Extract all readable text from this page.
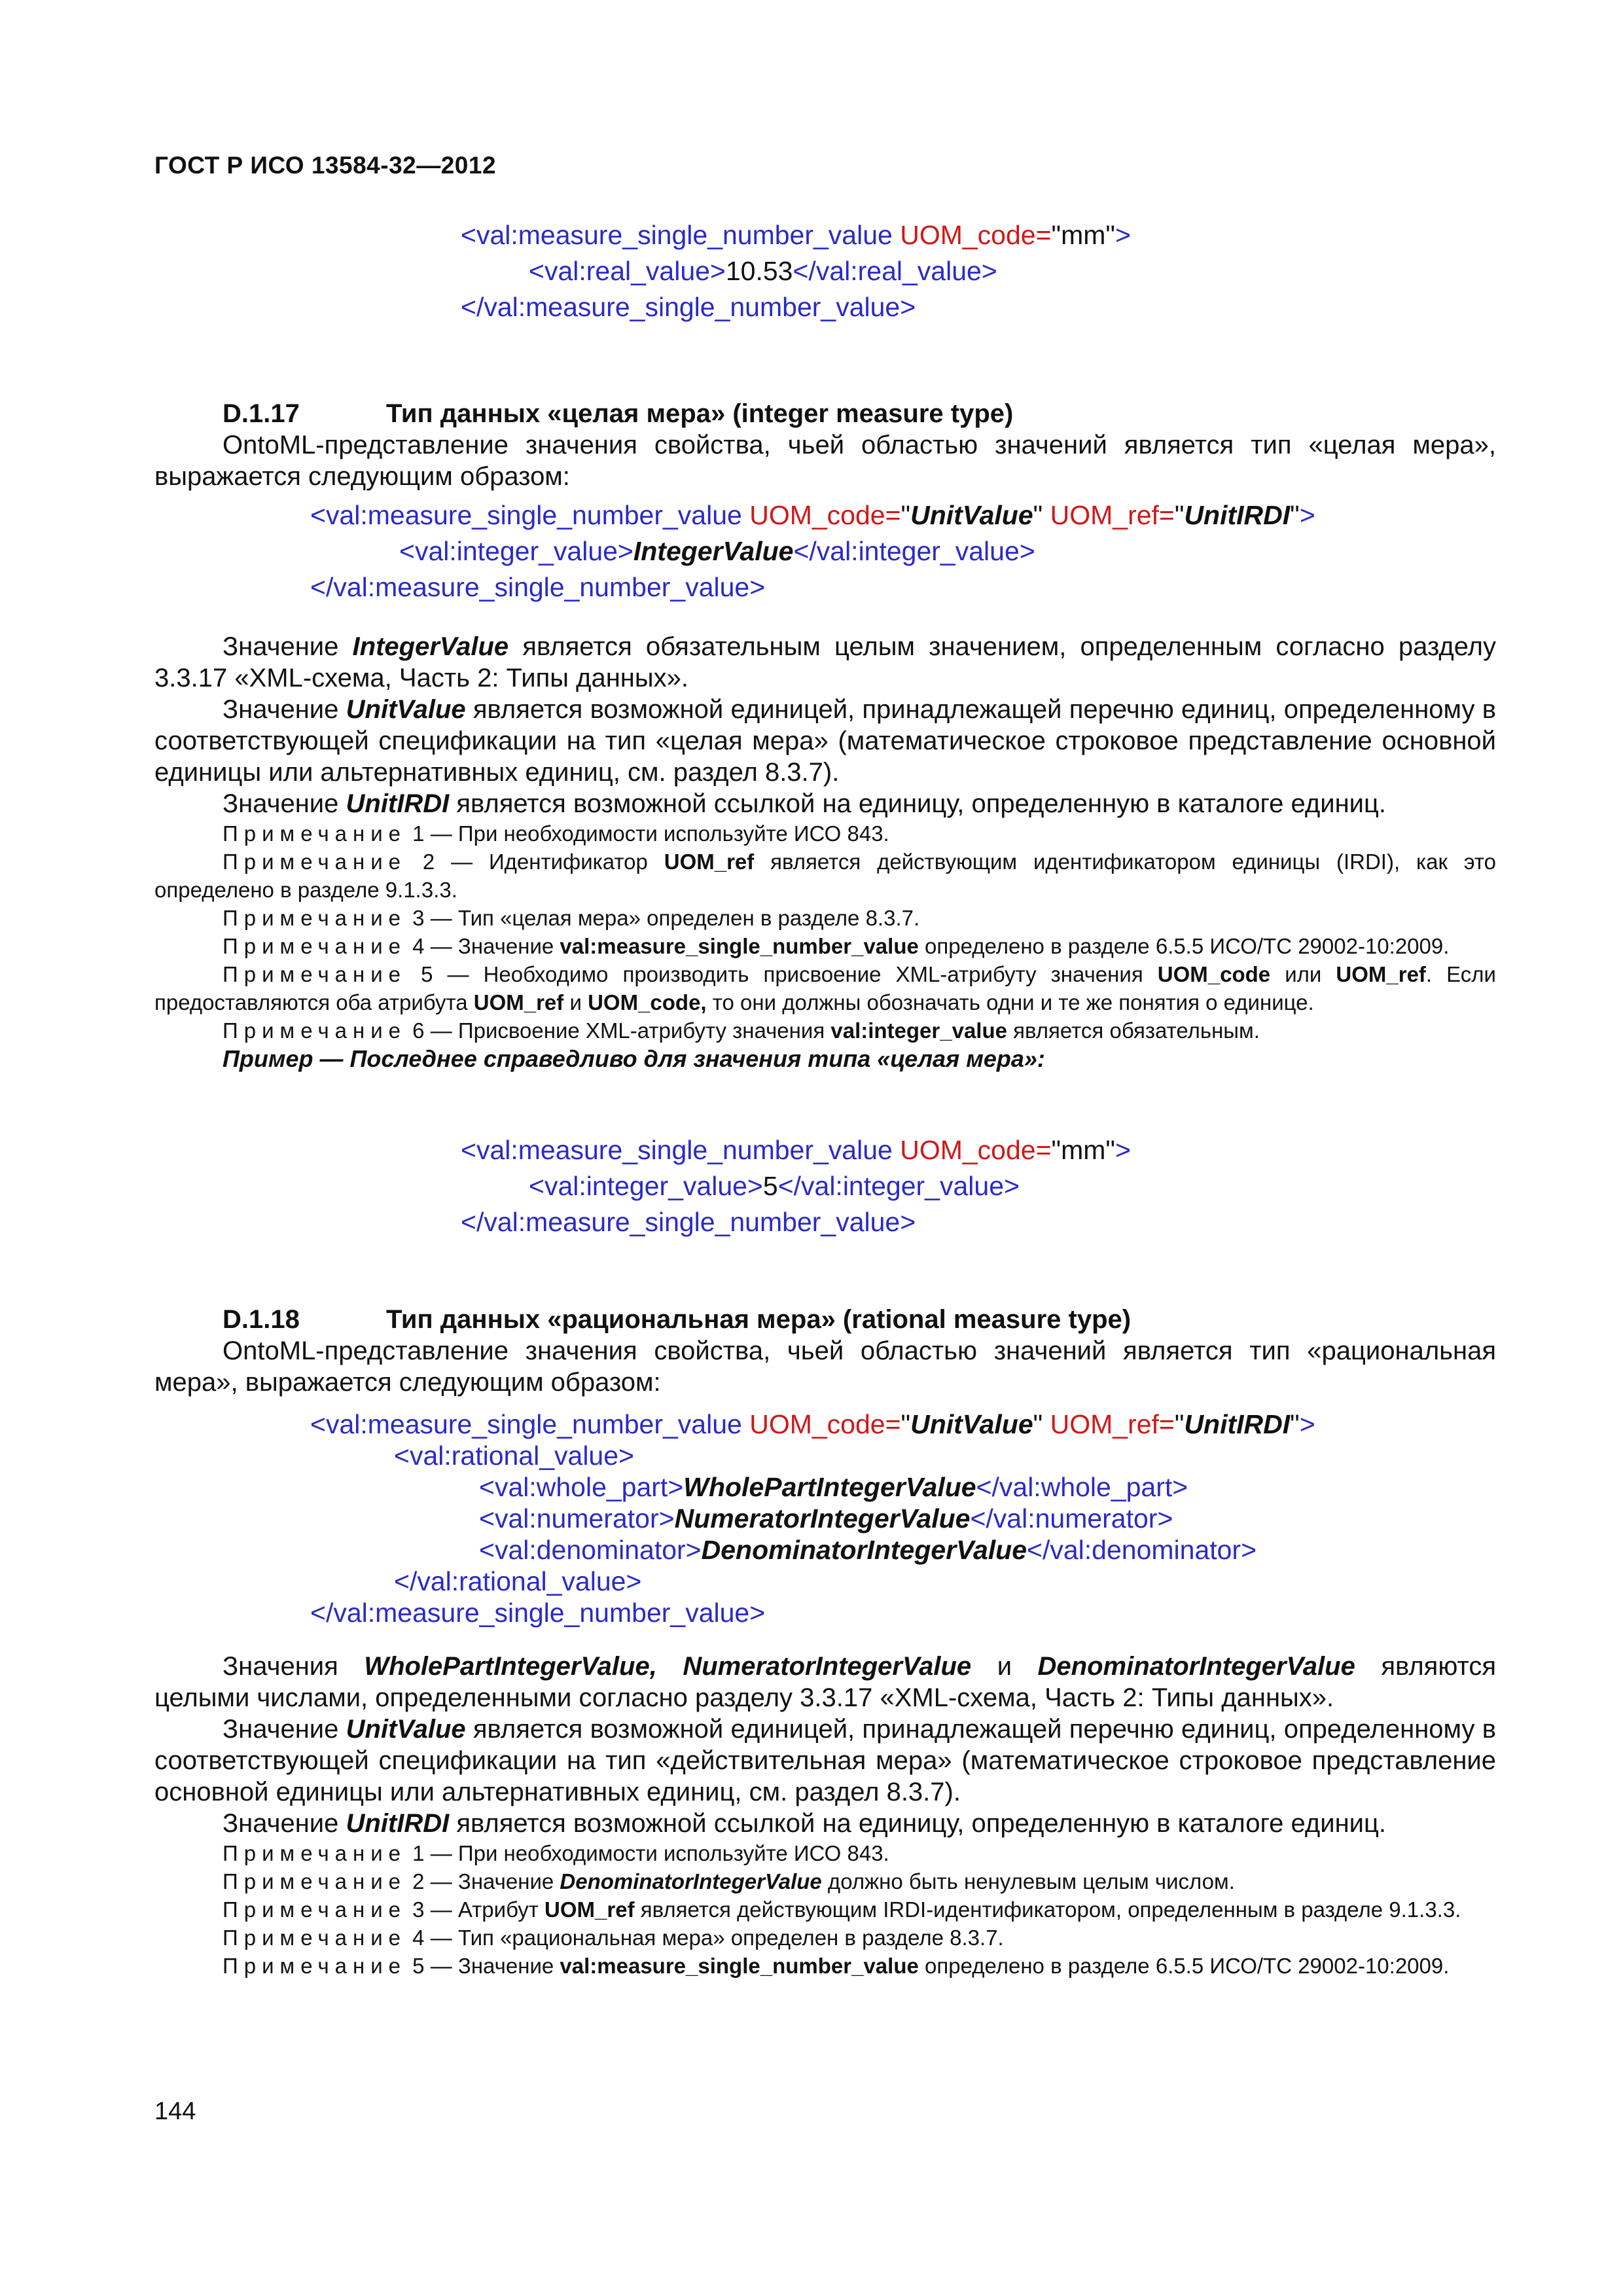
ГОСТ Р ИСО 13584-32—2012
<val:measure_single_number_value UOM_code="mm">
<val:real_value>10.53</val:real_value>
</val:measure_single_number_value>
D.1.17	Тип данных «целая мера» (integer measure type)

OntoML-представление значения свойства, чьей областью значений является тип «целая мера», выражается следующим образом:

<val:measure_single_number_value UOM_code="UnitValue" UOM_ref="UnitIRDI">
<val:integer_value>IntegerValue</val:integer_value>
</val:measure_single_number_value>

Значение IntegerValue является обязательным целым значением, определенным согласно разделу 3.3.17 «XML-схема, Часть 2: Типы данных».

Значение UnitValue является возможной единицей, принадлежащей перечню единиц, определенному в соответствующей спецификации на тип «целая мера» (математическое строковое представление основной единицы или альтернативных единиц, см. раздел 8.3.7).

Значение UnitIRDI является возможной ссылкой на единицу, определенную в каталоге единиц.

Примечание 1 — При необходимости используйте ИСО 843.

Примечание 2 — Идентификатор UOM_ref является действующим идентификатором единицы (IRDI), как это определено в разделе 9.1.3.3.

Примечание 3 — Тип «целая мера» определен в разделе 8.3.7.

Примечание 4 — Значение val:measure_single_number_value определено в разделе 6.5.5 ИСО/ТС 29002-10:2009.

Примечание 5 — Необходимо производить присвоение XML-атрибуту значения UOM_code или UOM_ref. Если предоставляются оба атрибута UOM_ref и UOM_code, то они должны обозначать одни и те же понятия о единице.

Примечание 6 — Присвоение XML-атрибуту значения val:integer_value является обязательным.

Пример — Последнее справедливо для значения типа «целая мера»:
<val:measure_single_number_value UOM_code="mm">
<val:integer_value>5</val:integer_value>
</val:measure_single_number_value>
D.1.18	Тип данных «рациональная мера» (rational measure type)

OntoML-представление значения свойства, чьей областью значений является тип «рациональная мера», выражается следующим образом:

<val:measure_single_number_value UOM_code="UnitValue" UOM_ref="UnitIRDI">
<val:rational_value>
<val:whole_part>WholePartIntegerValue</val:whole_part>
<val:numerator>NumeratorIntegerValue</val:numerator>
<val:denominator>DenominatorIntegerValue</val:denominator>
</val:rational_value>
</val:measure_single_number_value>

Значения WholePartIntegerValue, NumeratorIntegerValue и DenominatorIntegerValue являются целыми числами, определенными согласно разделу 3.3.17 «XML-схема, Часть 2: Типы данных».

Значение UnitValue является возможной единицей, принадлежащей перечню единиц, определенному в соответствующей спецификации на тип «действительная мера» (математическое строковое представление основной единицы или альтернативных единиц, см. раздел 8.3.7).

Значение UnitIRDI является возможной ссылкой на единицу, определенную в каталоге единиц.

Примечание 1 — При необходимости используйте ИСО 843.

Примечание 2 — Значение DenominatorIntegerValue должно быть ненулевым целым числом.

Примечание 3 — Атрибут UOM_ref является действующим IRDI-идентификатором, определенным в разделе 9.1.3.3.

Примечание 4 — Тип «рациональная мера» определен в разделе 8.3.7.

Примечание 5 — Значение val:measure_single_number_value определено в разделе 6.5.5 ИСО/ТС 29002-10:2009.

144
